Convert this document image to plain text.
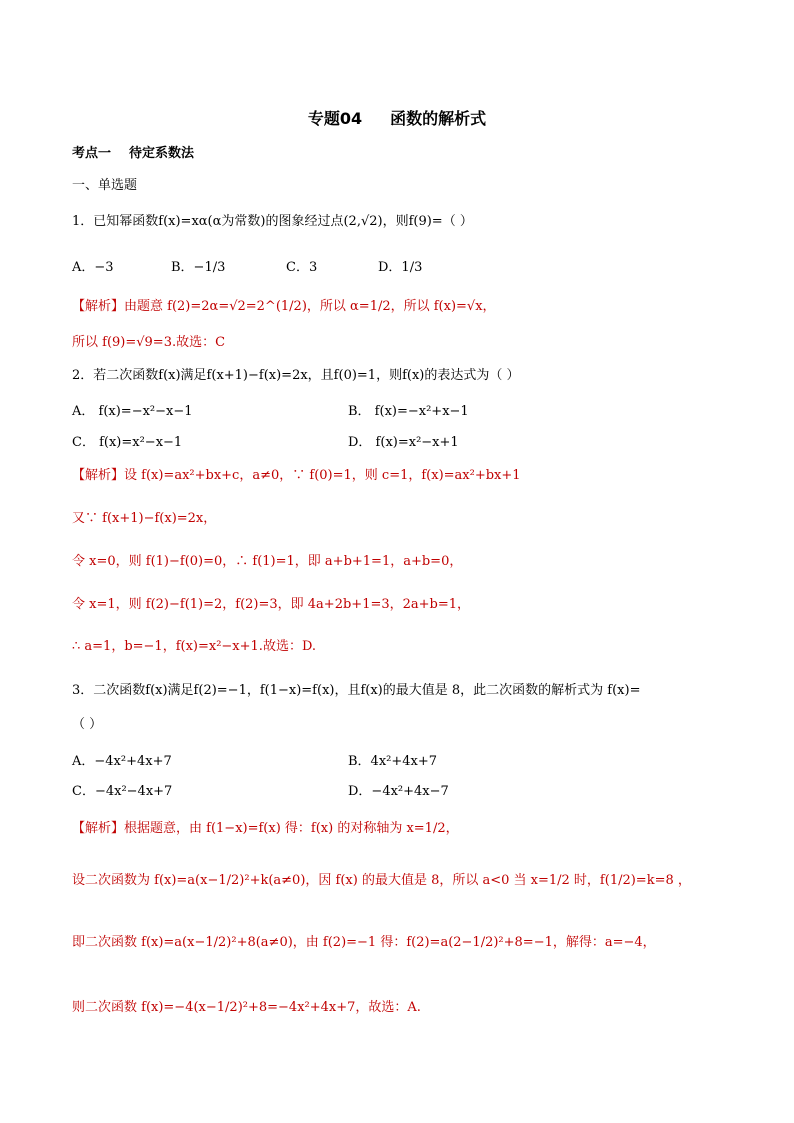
专题04 函数的解析式
考点一 待定系数法
一、单选题
1．已知幂函数f(x)=xα(α为常数)的图象经过点(2,√2)，则f(9)=（ ）
A．−3	B．−1/3	C．3	D．1/3
【解析】由题意 f(2)=2α=√2=2^(1/2)，所以 α=1/2，所以 f(x)=√x，
所以 f(9)=√9=3.故选：C
2．若二次函数f(x)满足f(x+1)−f(x)=2x，且f(0)=1，则f(x)的表达式为（ ）
A． f(x)=−x²−x−1	B． f(x)=−x²+x−1
C． f(x)=x²−x−1	D． f(x)=x²−x+1
【解析】设 f(x)=ax²+bx+c，a≠0，∵ f(0)=1，则 c=1，f(x)=ax²+bx+1
又∵ f(x+1)−f(x)=2x，
令 x=0，则 f(1)−f(0)=0，∴ f(1)=1，即 a+b+1=1，a+b=0，
令 x=1，则 f(2)−f(1)=2，f(2)=3，即 4a+2b+1=3，2a+b=1，
∴ a=1，b=−1，f(x)=x²−x+1.故选：D.
3．二次函数f(x)满足f(2)=−1，f(1−x)=f(x)，且f(x)的最大值是 8，此二次函数的解析式为 f(x)=
（ ）
A．−4x²+4x+7	B．4x²+4x+7
C．−4x²−4x+7	D．−4x²+4x−7
【解析】根据题意，由 f(1−x)=f(x) 得：f(x) 的对称轴为 x=1/2，
设二次函数为 f(x)=a(x−1/2)²+k(a≠0)，因 f(x) 的最大值是 8，所以 a<0 当 x=1/2 时，f(1/2)=k=8 ，
即二次函数 f(x)=a(x−1/2)²+8(a≠0)，由 f(2)=−1 得：f(2)=a(2−1/2)²+8=−1，解得：a=−4，
则二次函数 f(x)=−4(x−1/2)²+8=−4x²+4x+7，故选：A.
